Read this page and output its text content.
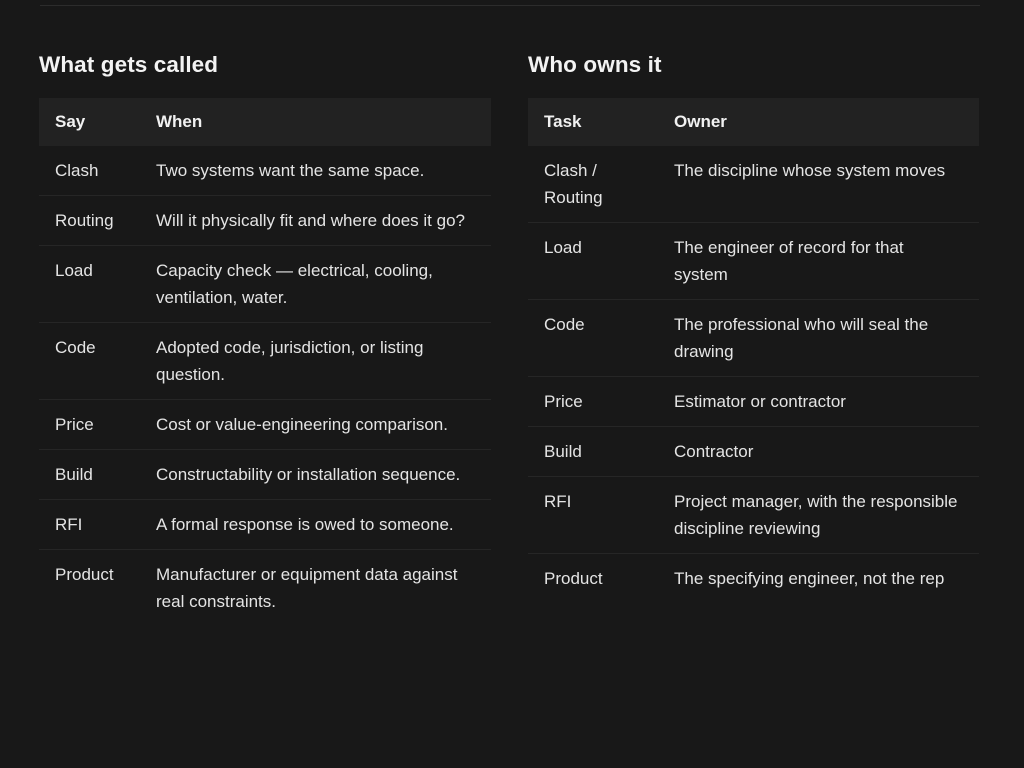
What gets called
Say	When
Clash	Two systems want the same space.
Routing	Will it physically fit and where does it go?
Load	Capacity check — electrical, cooling, ventilation, water.
Code	Adopted code, jurisdiction, or listing question.
Price	Cost or value-engineering comparison.
Build	Constructability or installation sequence.
RFI	A formal response is owed to someone.
Product	Manufacturer or equipment data against real constraints.
Who owns it
Task	Owner
Clash / Routing	The discipline whose system moves
Load	The engineer of record for that system
Code	The professional who will seal the drawing
Price	Estimator or contractor
Build	Contractor
RFI	Project manager, with the responsible discipline reviewing
Product	The specifying engineer, not the rep
